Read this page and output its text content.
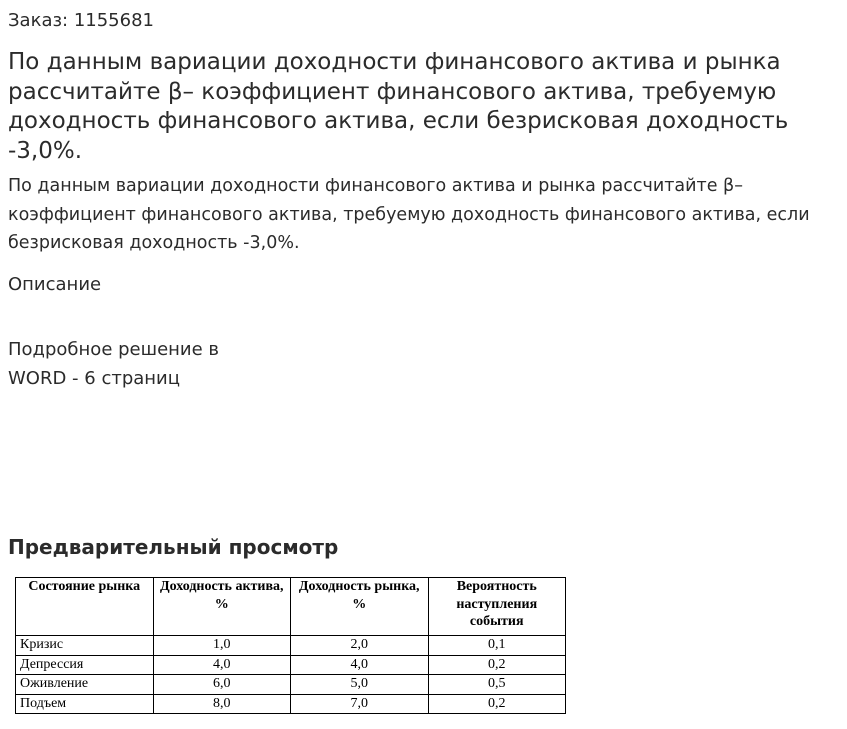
Заказ: 1155681
По данным вариации доходности финансового актива и рынка рассчитайте β– коэффициент финансового актива, требуемую доходность финансового актива, если безрисковая доходность -3,0%.

По данным вариации доходности финансового актива и рынка рассчитайте β– коэффициент финансового актива, требуемую доходность финансового актива, если безрисковая доходность -3,0%.

Описание
Подробное решение в
WORD - 6 страниц
Предварительный просмотр
Состояние рынка	Доходность актива, %	Доходность рынка, %	Вероятность наступления события
Кризис	1,0	2,0	0,1
Депрессия	4,0	4,0	0,2
Оживление	6,0	5,0	0,5
Подъем	8,0	7,0	0,2
